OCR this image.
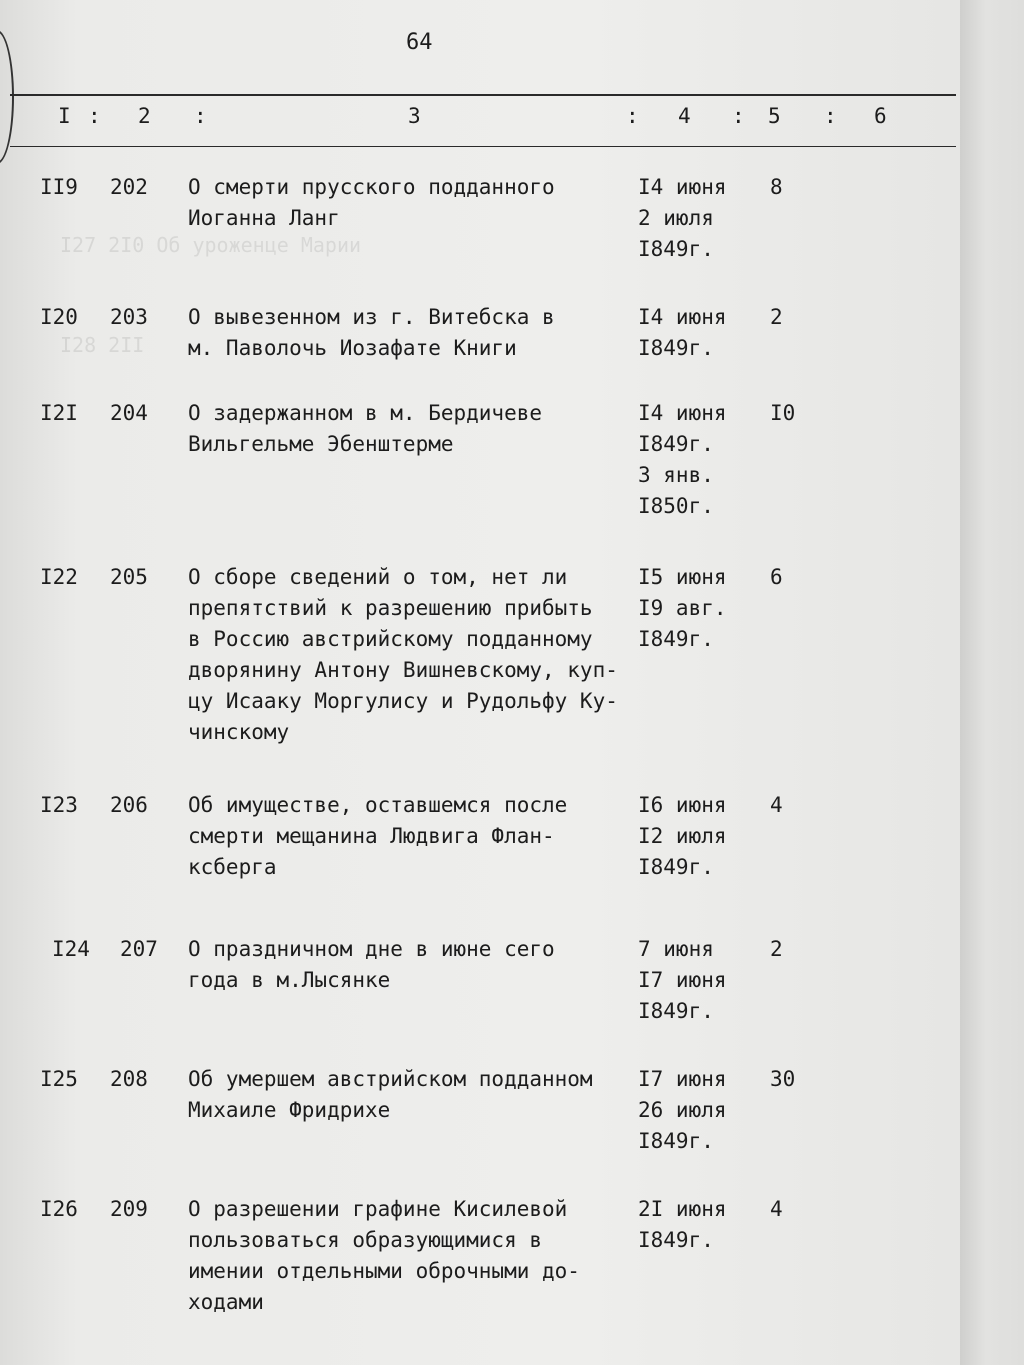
I27 2I0 Об уроженце Марии

I28 2II

64
I : 2 :	3	: 4 : 5 : 6
II9 202 О смерти прусского подданного
Иоганна Ланг
I4 июня
2 июля
I849г.
8
I20 203 О вывезенном из г. Витебска в
м. Паволочь Иозафате Книги
I4 июня
I849г.
2
I2I 204 О задержанном в м. Бердичеве
Вильгельме Эбенштерме
I4 июня
I849г.
3 янв.
I850г.
I0
I22 205 О сборе сведений о том, нет ли
препятствий к разрешению прибыть
в Россию австрийскому подданному
дворянину Антону Вишневскому, куп-
цу Исааку Моргулису и Рудольфу Ку-
чинскому
I5 июня
I9 авг.
I849г.
6
I23 206 Об имуществе, оставшемся после
смерти мещанина Людвига Флан-
ксберга
I6 июня
I2 июля
I849г.
4
I24 207 О праздничном дне в июне сего
года в м.Лысянке
7 июня
I7 июня
I849г.
2
I25 208 Об умершем австрийском подданном
Михаиле Фридрихе
I7 июня
26 июля
I849г.
30
I26 209 О разрешении графине Кисилевой
пользоваться образующимися в
имении отдельными оброчными до-
ходами
2I июня
I849г.
4
